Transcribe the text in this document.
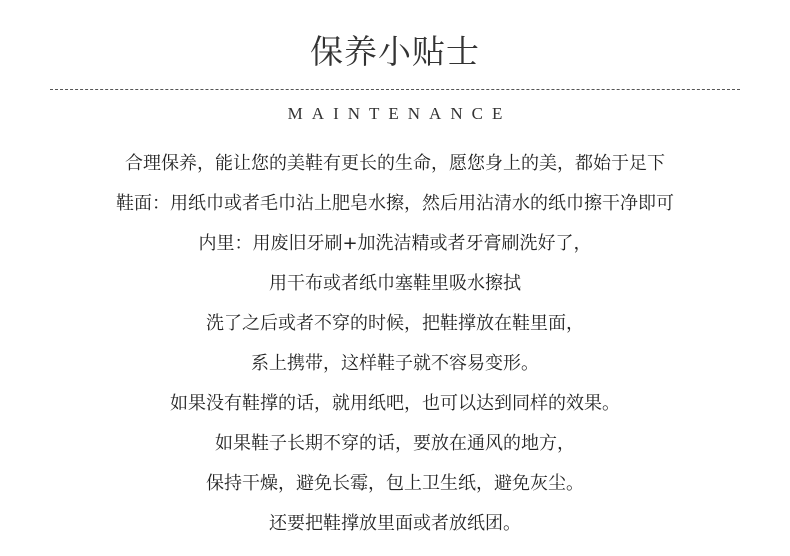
保养小贴士
MAINTENANCE
合理保养，能让您的美鞋有更长的生命，愿您身上的美，都始于足下
鞋面：用纸巾或者毛巾沾上肥皂水擦，然后用沾清水的纸巾擦干净即可
内里：用废旧牙刷+加洗洁精或者牙膏刷洗好了，
用干布或者纸巾塞鞋里吸水擦拭
洗了之后或者不穿的时候，把鞋撑放在鞋里面，
系上携带，这样鞋子就不容易变形。
如果没有鞋撑的话，就用纸吧，也可以达到同样的效果。
如果鞋子长期不穿的话，要放在通风的地方，
保持干燥，避免长霉，包上卫生纸，避免灰尘。
还要把鞋撑放里面或者放纸团。
